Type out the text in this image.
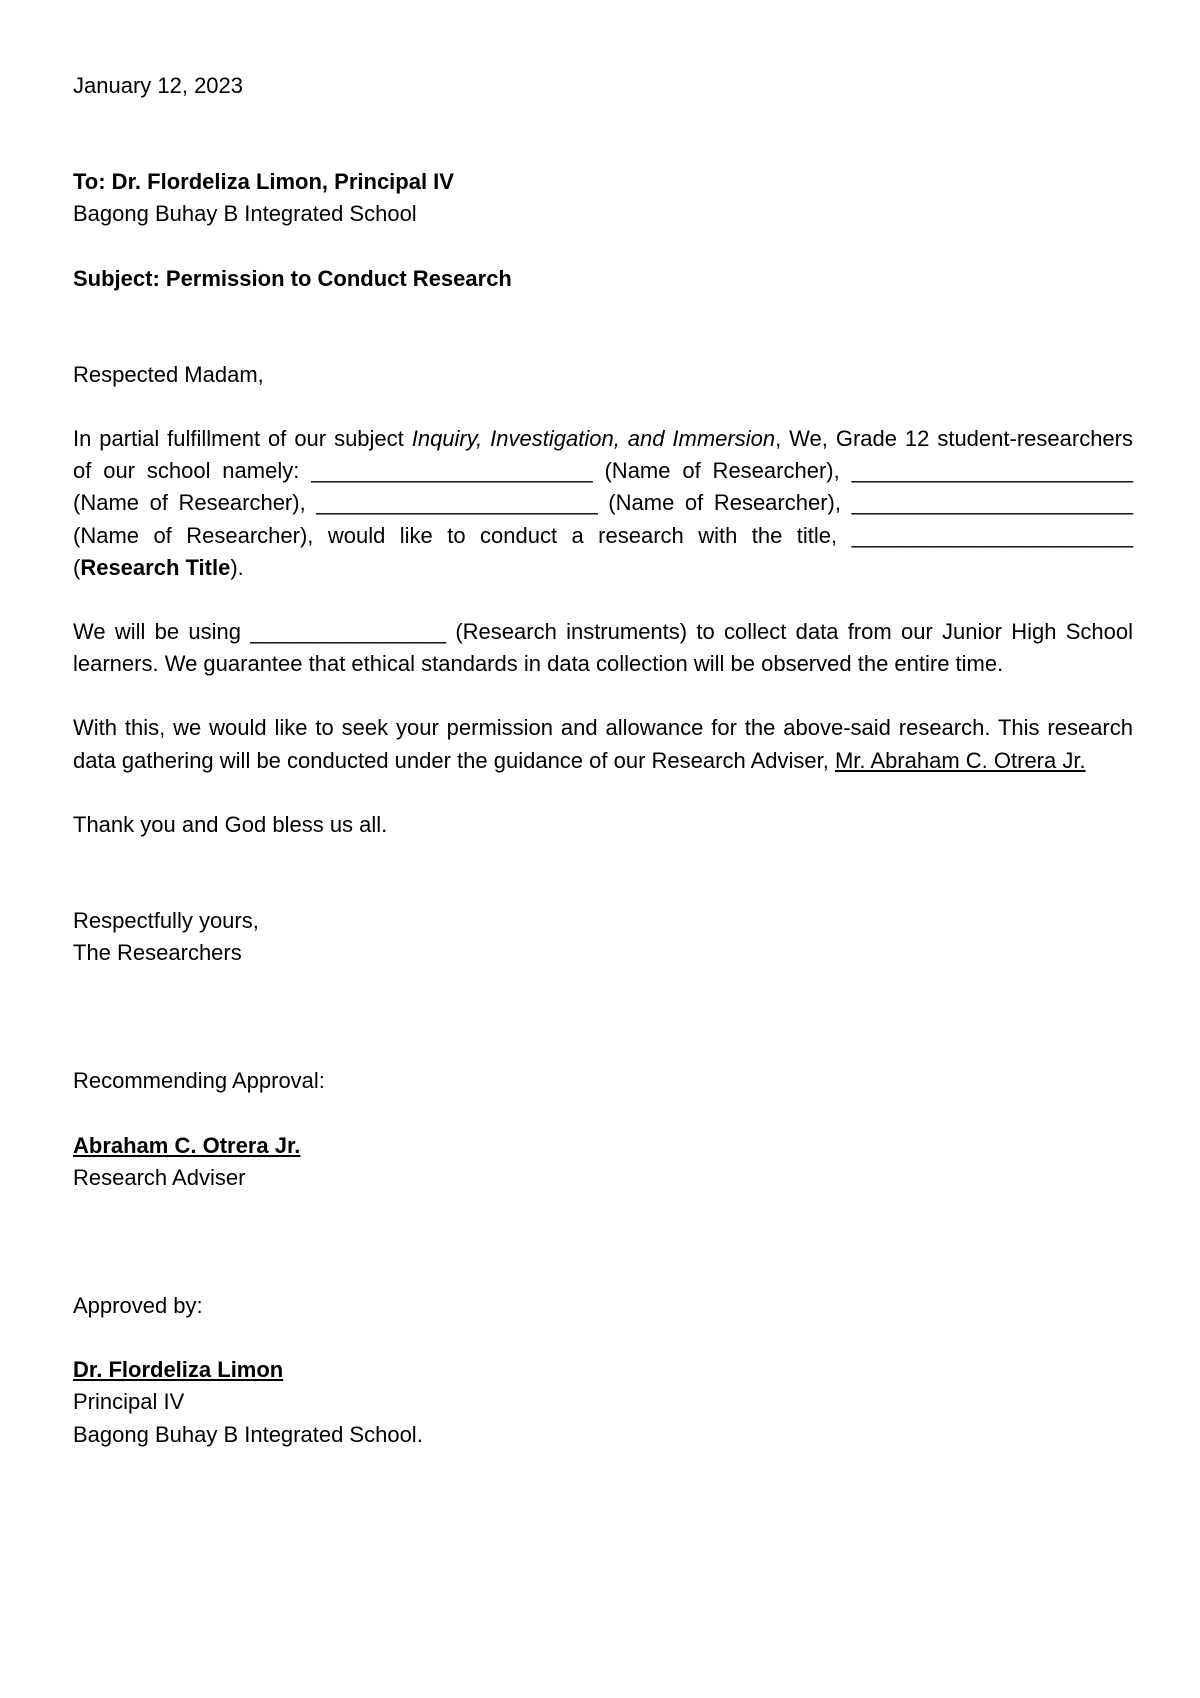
January 12, 2023
To: Dr. Flordeliza Limon, Principal IV
Bagong Buhay B Integrated School
Subject: Permission to Conduct Research
Respected Madam,
In partial fulfillment of our subject Inquiry, Investigation, and Immersion, We, Grade 12 student-researchers of our school namely: _______________________ (Name of Researcher), _______________________ (Name of Researcher), _______________________ (Name of Researcher), _______________________ (Name of Researcher), would like to conduct a research with the title, _______________________ (Research Title).
We will be using ________________ (Research instruments) to collect data from our Junior High School learners. We guarantee that ethical standards in data collection will be observed the entire time.
With this, we would like to seek your permission and allowance for the above-said research. This research data gathering will be conducted under the guidance of our Research Adviser, Mr. Abraham C. Otrera Jr.
Thank you and God bless us all.
Respectfully yours,
The Researchers
Recommending Approval:
Abraham C. Otrera Jr.
Research Adviser
Approved by:
Dr. Flordeliza Limon
Principal IV
Bagong Buhay B Integrated School.
